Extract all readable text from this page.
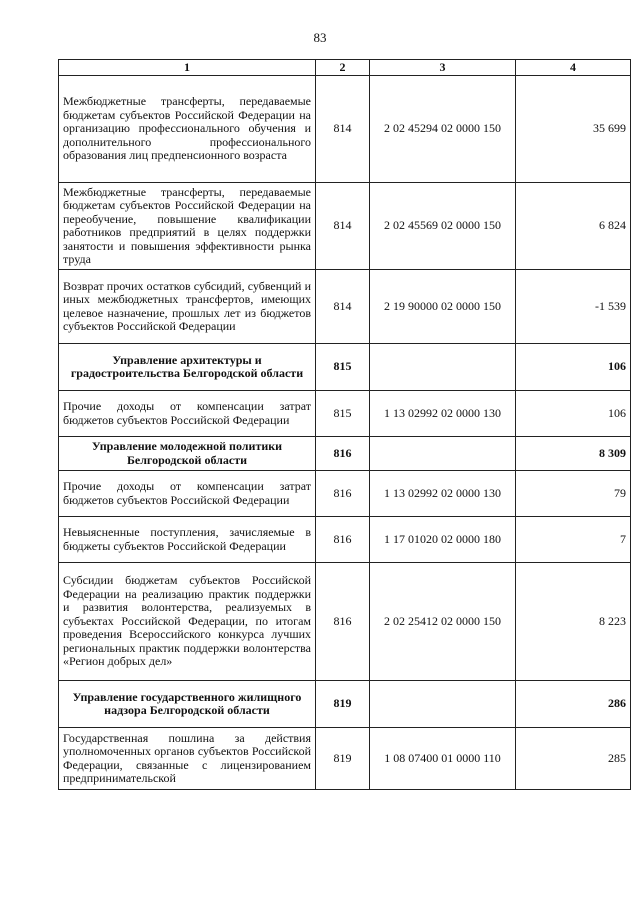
83
1	2	3	4
Межбюджетные трансферты, передаваемые бюджетам субъектов Российской Федерации на организацию профессионального обучения и дополнительного профессионального образования лиц предпенсионного возраста	814	2 02 45294 02 0000 150	35 699
Межбюджетные трансферты, передаваемые бюджетам субъектов Российской Федерации на переобучение, повышение квалификации работников предприятий в целях поддержки занятости и повышения эффективности рынка труда	814	2 02 45569 02 0000 150	6 824
Возврат прочих остатков субсидий, субвенций и иных межбюджетных трансфертов, имеющих целевое назначение, прошлых лет из бюджетов субъектов Российской Федерации	814	2 19 90000 02 0000 150	-1 539
Управление архитектуры и градостроительства Белгородской области	815		106
Прочие доходы от компенсации затрат бюджетов субъектов Российской Федерации	815	1 13 02992 02 0000 130	106
Управление молодежной политики Белгородской области	816		8 309
Прочие доходы от компенсации затрат бюджетов субъектов Российской Федерации	816	1 13 02992 02 0000 130	79
Невыясненные поступления, зачисляемые в бюджеты субъектов Российской Федерации	816	1 17 01020 02 0000 180	7
Субсидии бюджетам субъектов Российской Федерации на реализацию практик поддержки и развития волонтерства, реализуемых в субъектах Российской Федерации, по итогам проведения Всероссийского конкурса лучших региональных практик поддержки волонтерства «Регион добрых дел»	816	2 02 25412 02 0000 150	8 223
Управление государственного жилищного надзора Белгородской области	819		286
Государственная пошлина за действия уполномоченных органов субъектов Российской Федерации, связанные с лицензированием предпринимательской	819	1 08 07400 01 0000 110	285
